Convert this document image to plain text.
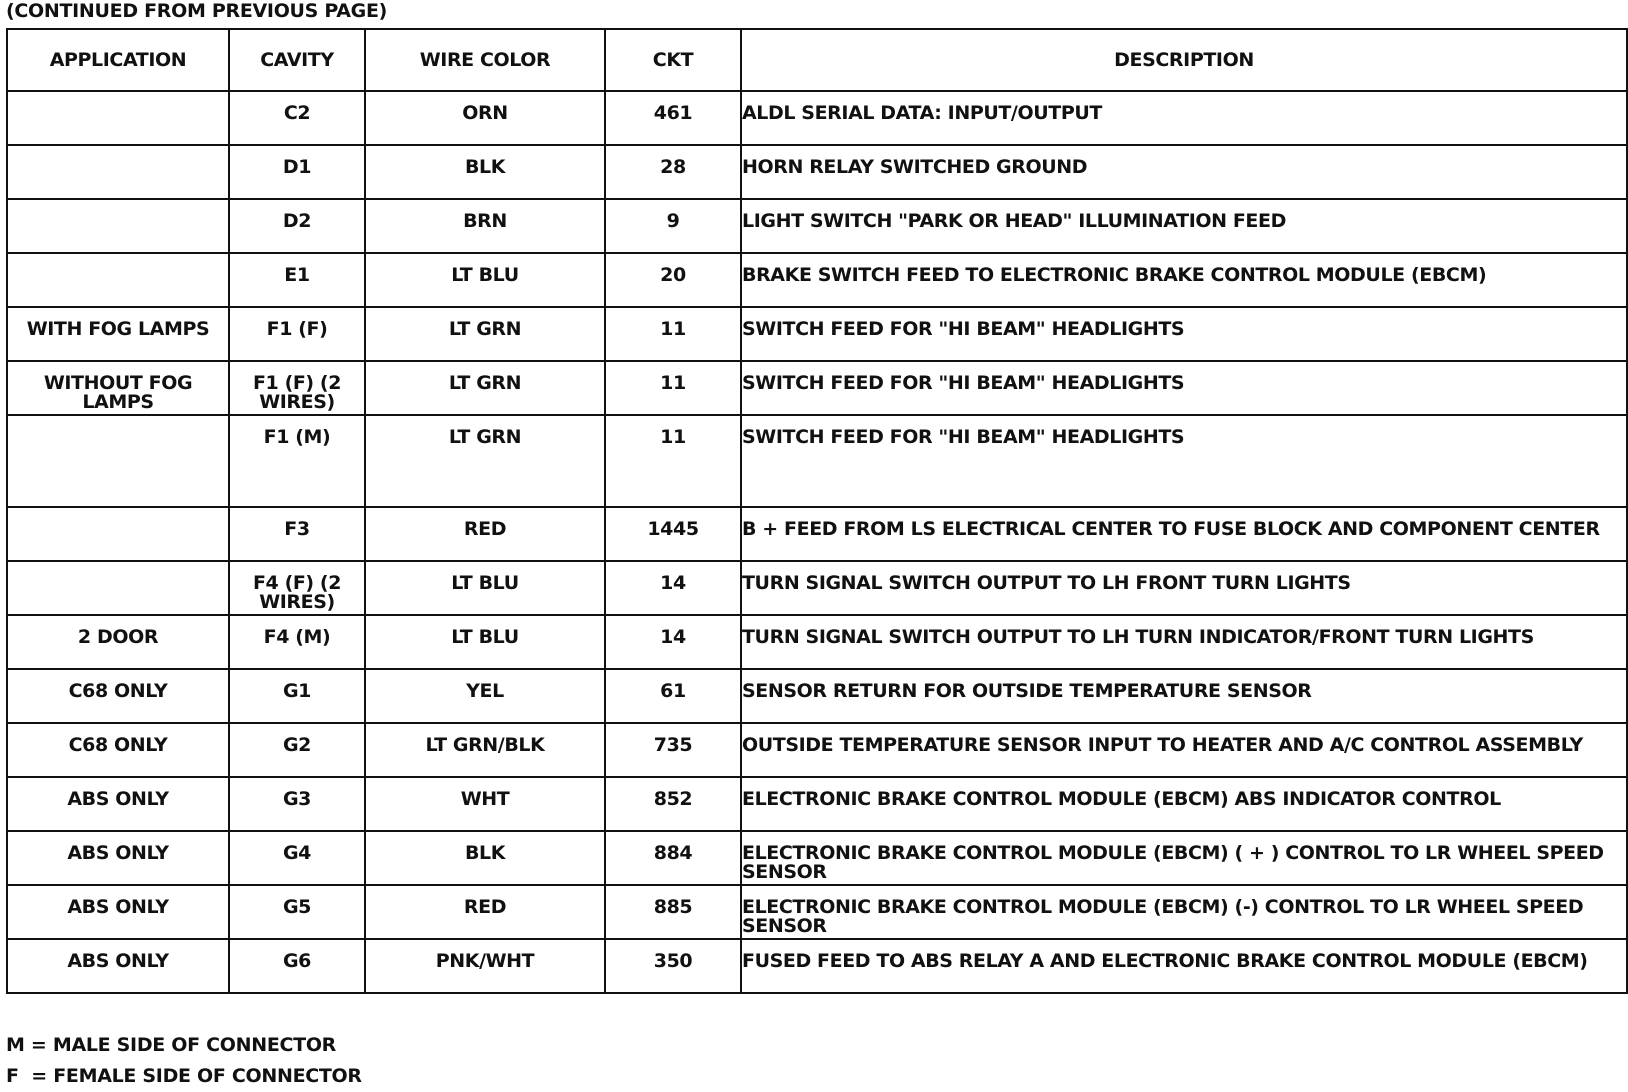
(CONTINUED FROM PREVIOUS PAGE)
APPLICATION	CAVITY	WIRE COLOR	CKT	DESCRIPTION
	C2	ORN	461	ALDL SERIAL DATA: INPUT/OUTPUT
	D1	BLK	28	HORN RELAY SWITCHED GROUND
	D2	BRN	9	LIGHT SWITCH "PARK OR HEAD" ILLUMINATION FEED
	E1	LT BLU	20	BRAKE SWITCH FEED TO ELECTRONIC BRAKE CONTROL MODULE (EBCM)
WITH FOG LAMPS	F1 (F)	LT GRN	11	SWITCH FEED FOR "HI BEAM" HEADLIGHTS
WITHOUT FOG LAMPS	F1 (F) (2 WIRES)	LT GRN	11	SWITCH FEED FOR "HI BEAM" HEADLIGHTS
	F1 (M)	LT GRN	11	SWITCH FEED FOR "HI BEAM" HEADLIGHTS
	F3	RED	1445	B + FEED FROM LS ELECTRICAL CENTER TO FUSE BLOCK AND COMPONENT CENTER
	F4 (F) (2 WIRES)	LT BLU	14	TURN SIGNAL SWITCH OUTPUT TO LH FRONT TURN LIGHTS
2 DOOR	F4 (M)	LT BLU	14	TURN SIGNAL SWITCH OUTPUT TO LH TURN INDICATOR/FRONT TURN LIGHTS
C68 ONLY	G1	YEL	61	SENSOR RETURN FOR OUTSIDE TEMPERATURE SENSOR
C68 ONLY	G2	LT GRN/BLK	735	OUTSIDE TEMPERATURE SENSOR INPUT TO HEATER AND A/C CONTROL ASSEMBLY
ABS ONLY	G3	WHT	852	ELECTRONIC BRAKE CONTROL MODULE (EBCM) ABS INDICATOR CONTROL
ABS ONLY	G4	BLK	884	ELECTRONIC BRAKE CONTROL MODULE (EBCM) ( + ) CONTROL TO LR WHEEL SPEED SENSOR
ABS ONLY	G5	RED	885	ELECTRONIC BRAKE CONTROL MODULE (EBCM) (-) CONTROL TO LR WHEEL SPEED SENSOR
ABS ONLY	G6	PNK/WHT	350	FUSED FEED TO ABS RELAY A AND ELECTRONIC BRAKE CONTROL MODULE (EBCM)
M = MALE SIDE OF CONNECTOR
F  = FEMALE SIDE OF CONNECTOR
